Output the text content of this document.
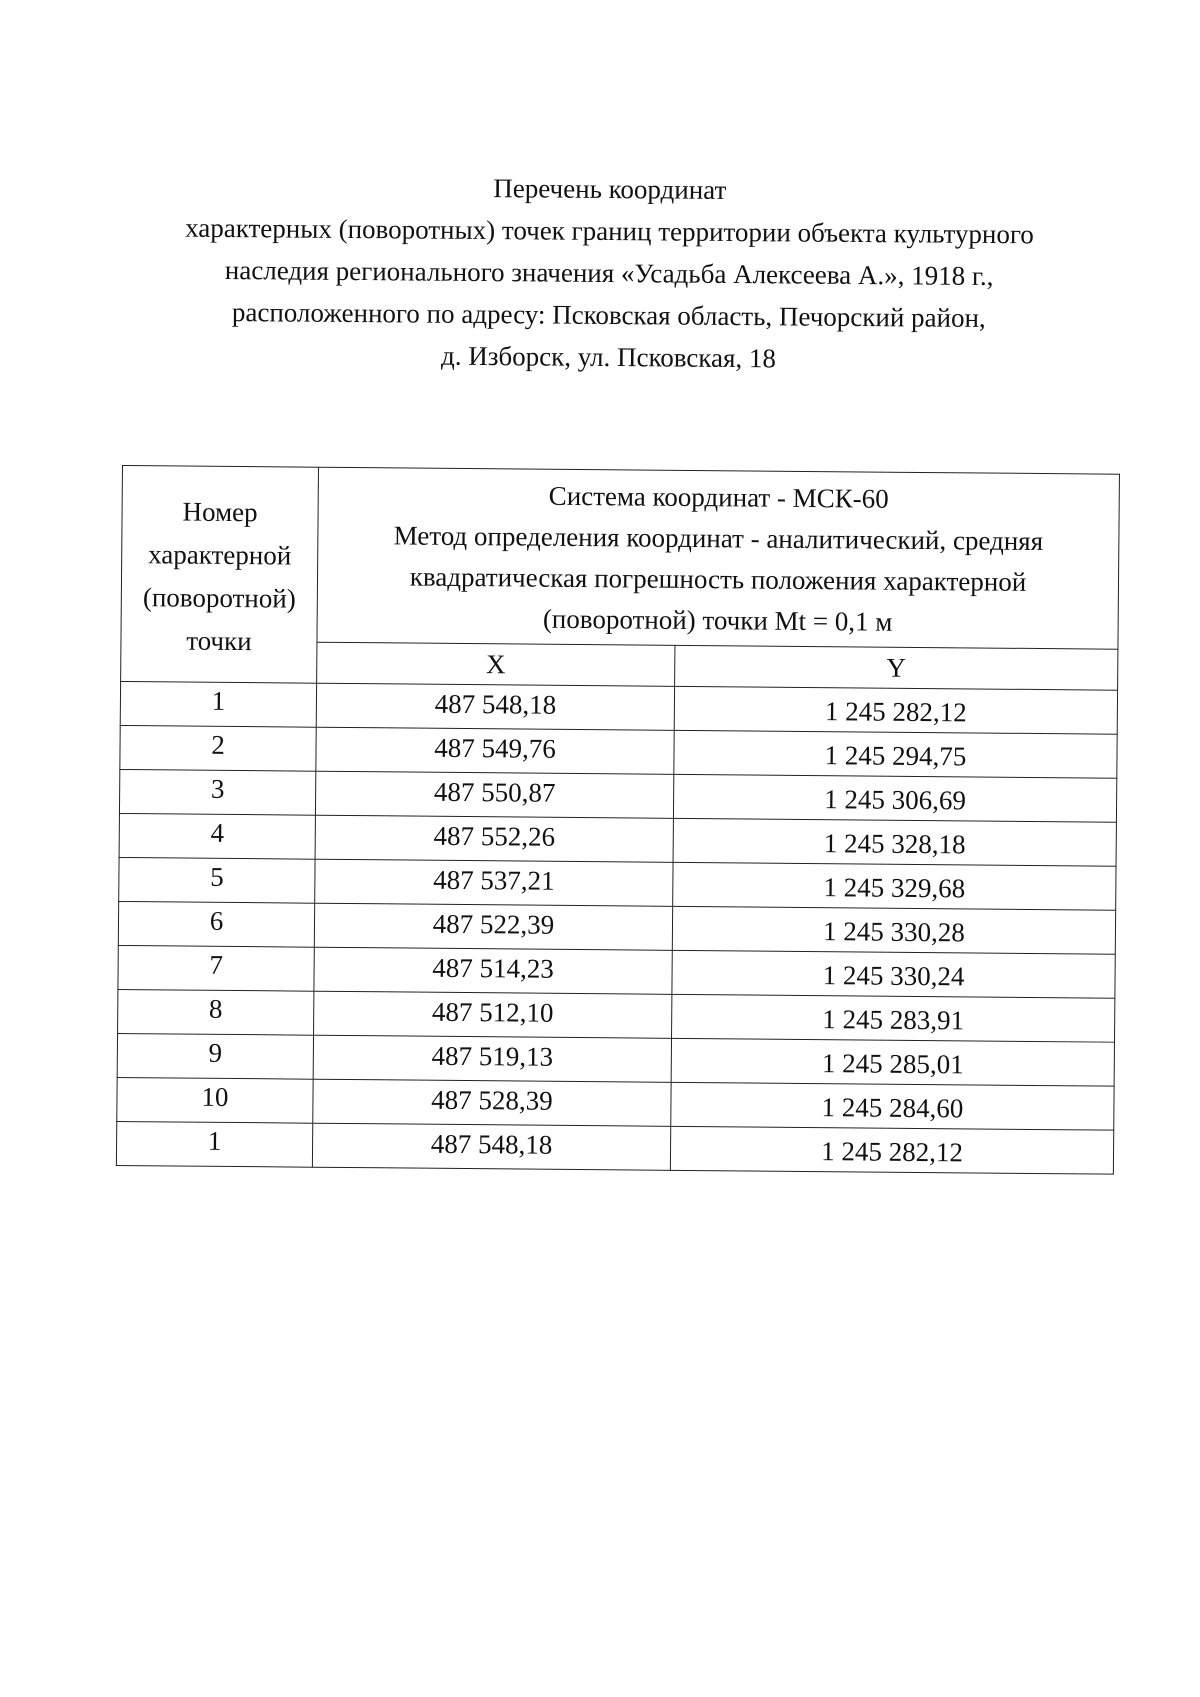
Перечень координат
характерных (поворотных) точек границ территории объекта культурного
наследия регионального значения «Усадьба Алексеева А.», 1918 г.,
расположенного по адресу: Псковская область, Печорский район,
д. Изборск, ул. Псковская, 18
Номер
характерной
(поворотной)
точки	Система координат - МСК-60
Метод определения координат - аналитический, средняя
квадратическая погрешность положения характерной
(поворотной) точки Mt = 0,1 м	

	X	Y
1	487 548,18	1 245 282,12
2	487 549,76	1 245 294,75
3	487 550,87	1 245 306,69
4	487 552,26	1 245 328,18
5	487 537,21	1 245 329,68
6	487 522,39	1 245 330,28
7	487 514,23	1 245 330,24
8	487 512,10	1 245 283,91
9	487 519,13	1 245 285,01
10	487 528,39	1 245 284,60
1	487 548,18	1 245 282,12
